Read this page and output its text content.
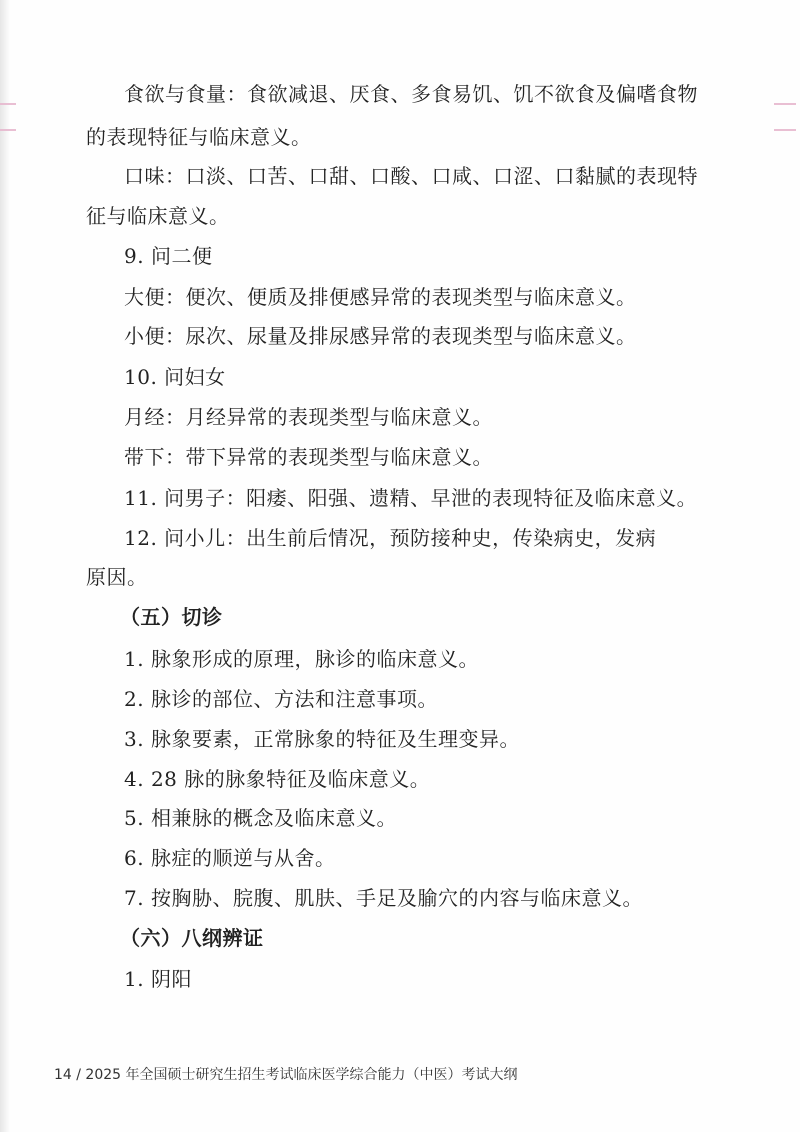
食欲与食量：食欲减退、厌食、多食易饥、饥不欲食及偏嗜食物
的表现特征与临床意义。
口味：口淡、口苦、口甜、口酸、口咸、口涩、口黏腻的表现特
征与临床意义。
9. 问二便
大便：便次、便质及排便感异常的表现类型与临床意义。
小便：尿次、尿量及排尿感异常的表现类型与临床意义。
10. 问妇女
月经：月经异常的表现类型与临床意义。
带下：带下异常的表现类型与临床意义。
11. 问男子：阳痿、阳强、遗精、早泄的表现特征及临床意义。
12. 问小儿：出生前后情况，预防接种史，传染病史，发病
原因。
（五）切诊
1. 脉象形成的原理，脉诊的临床意义。
2. 脉诊的部位、方法和注意事项。
3. 脉象要素，正常脉象的特征及生理变异。
4. 28 脉的脉象特征及临床意义。
5. 相兼脉的概念及临床意义。
6. 脉症的顺逆与从舍。
7. 按胸胁、脘腹、肌肤、手足及腧穴的内容与临床意义。
（六）八纲辨证
1. 阴阳
14 / 2025 年全国硕士研究生招生考试临床医学综合能力（中医）考试大纲
